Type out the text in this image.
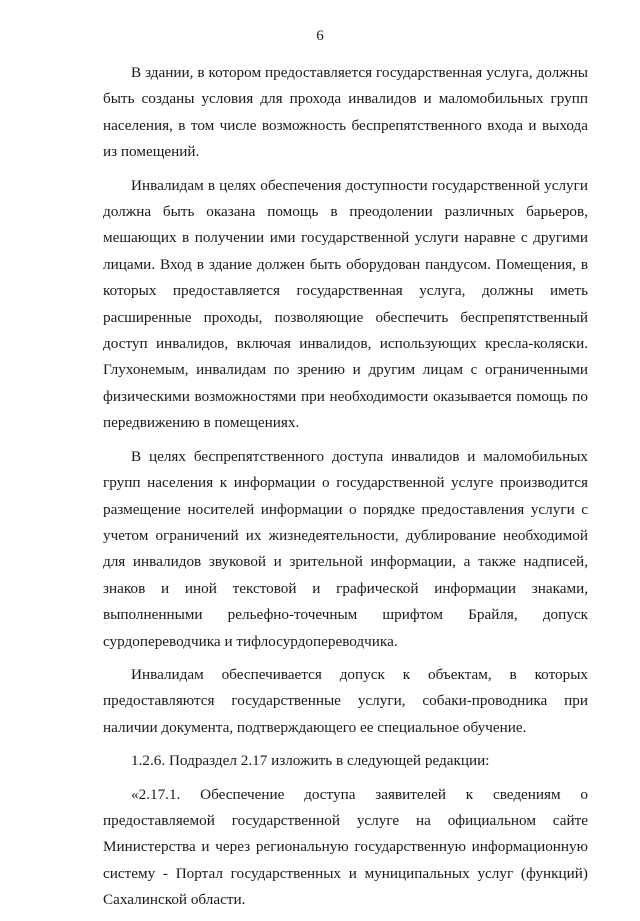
6

В здании, в котором предоставляется государственная услуга, должны быть созданы условия для прохода инвалидов и маломобильных групп населения, в том числе возможность беспрепятственного входа и выхода из помещений.

Инвалидам в целях обеспечения доступности государственной услуги должна быть оказана помощь в преодолении различных барьеров, мешающих в получении ими государственной услуги наравне с другими лицами. Вход в здание должен быть оборудован пандусом. Помещения, в которых предоставляется государственная услуга, должны иметь расширенные проходы, позволяющие обеспечить беспрепятственный доступ инвалидов, включая инвалидов, использующих кресла-коляски. Глухонемым, инвалидам по зрению и другим лицам с ограниченными физическими возможностями при необходимости оказывается помощь по передвижению в помещениях.

В целях беспрепятственного доступа инвалидов и маломобильных групп населения к информации о государственной услуге производится размещение носителей информации о порядке предоставления услуги с учетом ограничений их жизнедеятельности, дублирование необходимой для инвалидов звуковой и зрительной информации, а также надписей, знаков и иной текстовой и графической информации знаками, выполненными рельефно-точечным шрифтом Брайля, допуск сурдопереводчика и тифлосурдопереводчика.

Инвалидам обеспечивается допуск к объектам, в которых предоставляются государственные услуги, собаки-проводника при наличии документа, подтверждающего ее специальное обучение.

1.2.6. Подраздел 2.17 изложить в следующей редакции:

«2.17.1. Обеспечение доступа заявителей к сведениям о предоставляемой государственной услуге на официальном сайте Министерства и через региональную государственную информационную систему - Портал государственных и муниципальных услуг (функций) Сахалинской области.
